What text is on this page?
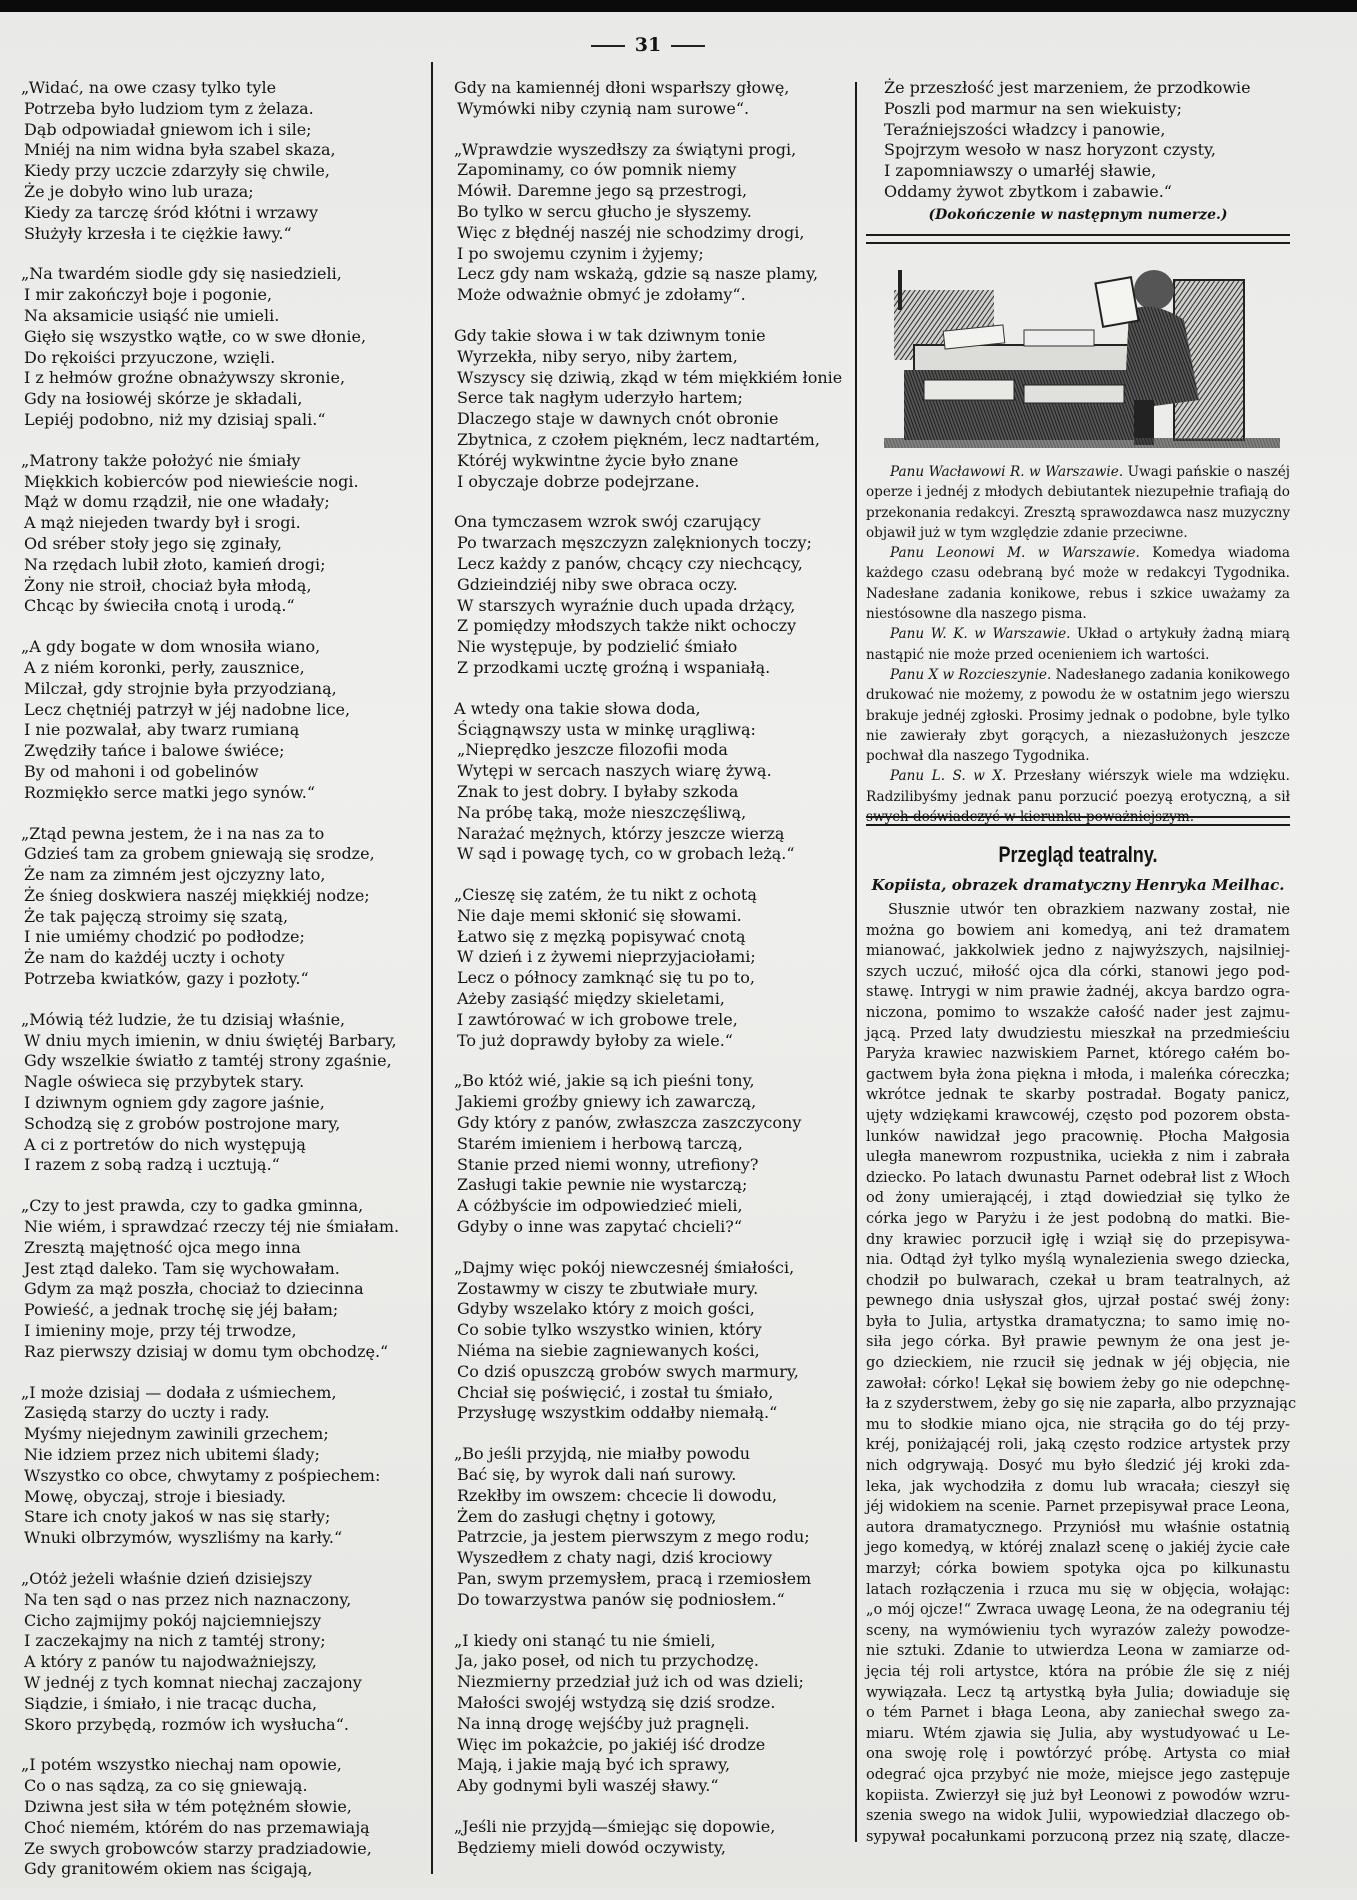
31
„Widać, na owe czasy tylko tyle
Potrzeba było ludziom tym z żelaza.
Dąb odpowiadał gniewom ich i sile;
Mniéj na nim widna była szabel skaza,
Kiedy przy uczcie zdarzyły się chwile,
Że je dobyło wino lub uraza;
Kiedy za tarczę śród kłótni i wrzawy
Służyły krzesła i te ciężkie ławy.“
„Na twardém siodle gdy się nasiedzieli,
I mir zakończył boje i pogonie,
Na aksamicie usiąść nie umieli.
Gięło się wszystko wątłe, co w swe dłonie,
Do rękoiści przyuczone, wzięli.
I z hełmów groźne obnażywszy skronie,
Gdy na łosiowéj skórze je składali,
Lepiéj podobno, niż my dzisiaj spali.“
„Matrony także położyć nie śmiały
Miękkich kobierców pod niewieście nogi.
Mąż w domu rządził, nie one władały;
A mąż niejeden twardy był i srogi.
Od sréber stoły jego się zginały,
Na rzędach lubił złoto, kamień drogi;
Żony nie stroił, chociaż była młodą,
Chcąc by świeciła cnotą i urodą.“
„A gdy bogate w dom wnosiła wiano,
A z niém koronki, perły, zausznice,
Milczał, gdy strojnie była przyodzianą,
Lecz chętniéj patrzył w jéj nadobne lice,
I nie pozwalał, aby twarz rumianą
Zwędziły tańce i balowe świéce;
By od mahoni i od gobelinów
Rozmiękło serce matki jego synów.“
„Ztąd pewna jestem, że i na nas za to
Gdzieś tam za grobem gniewają się srodze,
Że nam za zimném jest ojczyzny lato,
Że śnieg doskwiera naszéj miękkiéj nodze;
Że tak pajęczą stroimy się szatą,
I nie umiémy chodzić po podłodze;
Że nam do każdéj uczty i ochoty
Potrzeba kwiatków, gazy i pozłoty.“
„Mówią téż ludzie, że tu dzisiaj właśnie,
W dniu mych imienin, w dniu świętéj Barbary,
Gdy wszelkie światło z tamtéj strony zgaśnie,
Nagle oświeca się przybytek stary.
I dziwnym ogniem gdy zagore jaśnie,
Schodzą się z grobów postrojone mary,
A ci z portretów do nich występują
I razem z sobą radzą i ucztują.“
„Czy to jest prawda, czy to gadka gminna,
Nie wiém, i sprawdzać rzeczy téj nie śmiałam.
Zresztą majętność ojca mego inna
Jest ztąd daleko. Tam się wychowałam.
Gdym za mąż poszła, chociaż to dziecinna
Powieść, a jednak trochę się jéj bałam;
I imieniny moje, przy téj trwodze,
Raz pierwszy dzisiaj w domu tym obchodzę.“
„I może dzisiaj — dodała z uśmiechem,
Zasiędą starzy do uczty i rady.
Myśmy niejednym zawinili grzechem;
Nie idziem przez nich ubitemi ślady;
Wszystko co obce, chwytamy z pośpiechem:
Mowę, obyczaj, stroje i biesiady.
Stare ich cnoty jakoś w nas się starły;
Wnuki olbrzymów, wyszliśmy na karły.“
„Otóż jeżeli właśnie dzień dzisiejszy
Na ten sąd o nas przez nich naznaczony,
Cicho zajmijmy pokój najciemniejszy
I zaczekajmy na nich z tamtéj strony;
A który z panów tu najodważniejszy,
W jednéj z tych komnat niechaj zaczajony
Siądzie, i śmiało, i nie tracąc ducha,
Skoro przybędą, rozmów ich wysłucha“.
„I potém wszystko niechaj nam opowie,
Co o nas sądzą, za co się gniewają.
Dziwna jest siła w tém potężném słowie,
Choć niemém, którém do nas przemawiają
Ze swych grobowców starzy pradziadowie,
Gdy granitowém okiem nas ścigają,
Gdy na kamiennéj dłoni wsparłszy głowę,
Wymówki niby czynią nam surowe“.
„Wprawdzie wyszedłszy za świątyni progi,
Zapominamy, co ów pomnik niemy
Mówił. Daremne jego są przestrogi,
Bo tylko w sercu głucho je słyszemy.
Więc z błędnéj naszéj nie schodzimy drogi,
I po swojemu czynim i żyjemy;
Lecz gdy nam wskażą, gdzie są nasze plamy,
Może odważnie obmyć je zdołamy“.
Gdy takie słowa i w tak dziwnym tonie
Wyrzekła, niby seryo, niby żartem,
Wszyscy się dziwią, zkąd w tém miękkiém łonie
Serce tak nagłym uderzyło hartem;
Dlaczego staje w dawnych cnót obronie
Zbytnica, z czołem piękném, lecz nadtartém,
Któréj wykwintne życie było znane
I obyczaje dobrze podejrzane.
Ona tymczasem wzrok swój czarujący
Po twarzach męszczyzn zalęknionych toczy;
Lecz każdy z panów, chcący czy niechcący,
Gdzieindziéj niby swe obraca oczy.
W starszych wyraźnie duch upada drżący,
Z pomiędzy młodszych także nikt ochoczy
Nie występuje, by podzielić śmiało
Z przodkami ucztę groźną i wspaniałą.
A wtedy ona takie słowa doda,
Ściągnąwszy usta w minkę urągliwą:
„Nieprędko jeszcze filozofii moda
Wytępi w sercach naszych wiarę żywą.
Znak to jest dobry. I byłaby szkoda
Na próbę taką, może nieszczęśliwą,
Narażać mężnych, którzy jeszcze wierzą
W sąd i powagę tych, co w grobach leżą.“
„Cieszę się zatém, że tu nikt z ochotą
Nie daje memi skłonić się słowami.
Łatwo się z męzką popisywać cnotą
W dzień i z żywemi nieprzyjaciołami;
Lecz o północy zamknąć się tu po to,
Ażeby zasiąść między skieletami,
I zawtórować w ich grobowe trele,
To już doprawdy byłoby za wiele.“
„Bo któż wié, jakie są ich pieśni tony,
Jakiemi groźby gniewy ich zawarczą,
Gdy który z panów, zwłaszcza zaszczycony
Starém imieniem i herbową tarczą,
Stanie przed niemi wonny, utrefiony?
Zasługi takie pewnie nie wystarczą;
A cóżbyście im odpowiedzieć mieli,
Gdyby o inne was zapytać chcieli?“
„Dajmy więc pokój niewczesnéj śmiałości,
Zostawmy w ciszy te zbutwiałe mury.
Gdyby wszelako który z moich gości,
Co sobie tylko wszystko winien, który
Niéma na siebie zagniewanych kości,
Co dziś opuszczą grobów swych marmury,
Chciał się poświęcić, i został tu śmiało,
Przysługę wszystkim oddałby niemałą.“
„Bo jeśli przyjdą, nie miałby powodu
Bać się, by wyrok dali nań surowy.
Rzekłby im owszem: chcecie li dowodu,
Żem do zasługi chętny i gotowy,
Patrzcie, ja jestem pierwszym z mego rodu;
Wyszedłem z chaty nagi, dziś krociowy
Pan, swym przemysłem, pracą i rzemiosłem
Do towarzystwa panów się podniosłem.“
„I kiedy oni stanąć tu nie śmieli,
Ja, jako poseł, od nich tu przychodzę.
Niezmierny przedział już ich od was dzieli;
Małości swojéj wstydzą się dziś srodze.
Na inną drogę wejśćby już pragnęli.
Więc im pokażcie, po jakiéj iść drodze
Mają, i jakie mają być ich sprawy,
Aby godnymi byli waszéj sławy.“
„Jeśli nie przyjdą—śmiejąc się dopowie,
Będziemy mieli dowód oczywisty,
Że przeszłość jest marzeniem, że przodkowie
Poszli pod marmur na sen wiekuisty;
Teraźniejszości władzcy i panowie,
Spojrzym wesoło w nasz horyzont czysty,
I zapomniawszy o umarłéj sławie,
Oddamy żywot zbytkom i zabawie.“
(Dokończenie w następnym numerze.)

Panu Wacławowi R. w Warszawie. Uwagi pańskie o naszéj operze i jednéj z młodych debiutantek niezupełnie trafiają do przekonania redakcyi. Zresztą sprawozdawca nasz muzyczny objawił już w tym względzie zdanie przeciwne.

Panu Leonowi M. w Warszawie. Komedya wiadoma każdego czasu odebraną być może w redakcyi Tygodnika. Nadesłane zadania konikowe, rebus i szkice uważamy za niestósowne dla naszego pisma.

Panu W. K. w Warszawie. Układ o artykuły żadną miarą nastąpić nie może przed ocenieniem ich wartości.

Panu X w Rozcieszynie. Nadesłanego zadania konikowego drukować nie możemy, z powodu że w ostatnim jego wierszu brakuje jednéj zgłoski. Prosimy jednak o podobne, byle tylko nie zawierały zbyt gorących, a niezasłużonych jeszcze pochwał dla naszego Tygodnika.

Panu L. S. w X. Przesłany wiérszyk wiele ma wdzięku. Radzilibyśmy jednak panu porzucić poezyą erotyczną, a sił swych doświadczyć w kierunku poważniejszym.

Przegląd teatralny.
Kopiista, obrazek dramatyczny Henryka Meilhac.
Słusznie utwór ten obrazkiem nazwany został, nie
można go bowiem ani komedyą, ani też dramatem
mianować, jakkolwiek jedno z najwyższych, najsilniej-
szych uczuć, miłość ojca dla córki, stanowi jego pod-
stawę. Intrygi w nim prawie żadnéj, akcya bardzo ogra-
niczona, pomimo to wszakże całość nader jest zajmu-
jącą. Przed laty dwudziestu mieszkał na przedmieściu
Paryża krawiec nazwiskiem Parnet, którego całém bo-
gactwem była żona piękna i młoda, i maleńka córeczka;
wkrótce jednak te skarby postradał. Bogaty panicz,
ujęty wdziękami krawcowéj, często pod pozorem obsta-
lunków nawidzał jego pracownię. Płocha Małgosia
uległa manewrom rozpustnika, uciekła z nim i zabrała
dziecko. Po latach dwunastu Parnet odebrał list z Włoch
od żony umierającéj, i ztąd dowiedział się tylko że
córka jego w Paryżu i że jest podobną do matki. Bie-
dny krawiec porzucił igłę i wziął się do przepisywa-
nia. Odtąd żył tylko myślą wynalezienia swego dziecka,
chodził po bulwarach, czekał u bram teatralnych, aż
pewnego dnia usłyszał głos, ujrzał postać swéj żony:
była to Julia, artystka dramatyczna; to samo imię no-
siła jego córka. Był prawie pewnym że ona jest je-
go dzieckiem, nie rzucił się jednak w jéj objęcia, nie
zawołał: córko! Lękał się bowiem żeby go nie odepchnę-
ła z szyderstwem, żeby go się nie zaparła, albo przyznając
mu to słodkie miano ojca, nie strąciła go do téj przy-
kréj, poniżającéj roli, jaką często rodzice artystek przy
nich odgrywają. Dosyć mu było śledzić jéj kroki zda-
leka, jak wychodziła z domu lub wracała; cieszył się
jéj widokiem na scenie. Parnet przepisywał prace Leona,
autora dramatycznego. Przyniósł mu właśnie ostatnią
jego komedyą, w któréj znalazł scenę o jakiéj życie całe
marzył; córka bowiem spotyka ojca po kilkunastu
latach rozłączenia i rzuca mu się w objęcia, wołając:
„o mój ojcze!“ Zwraca uwagę Leona, że na odegraniu téj
sceny, na wymówieniu tych wyrazów zależy powodze-
nie sztuki. Zdanie to utwierdza Leona w zamiarze od-
jęcia téj roli artystce, która na próbie źle się z niéj
wywiązała. Lecz tą artystką była Julia; dowiaduje się
o tém Parnet i błaga Leona, aby zaniechał swego za-
miaru. Wtém zjawia się Julia, aby wystudyować u Le-
ona swoję rolę i powtórzyć próbę. Artysta co miał
odegrać ojca przybyć nie może, miejsce jego zastępuje
kopiista. Zwierzył się już był Leonowi z powodów wzru-
szenia swego na widok Julii, wypowiedział dlaczego ob-
sypywał pocałunkami porzuconą przez nią szatę, dlacze-
